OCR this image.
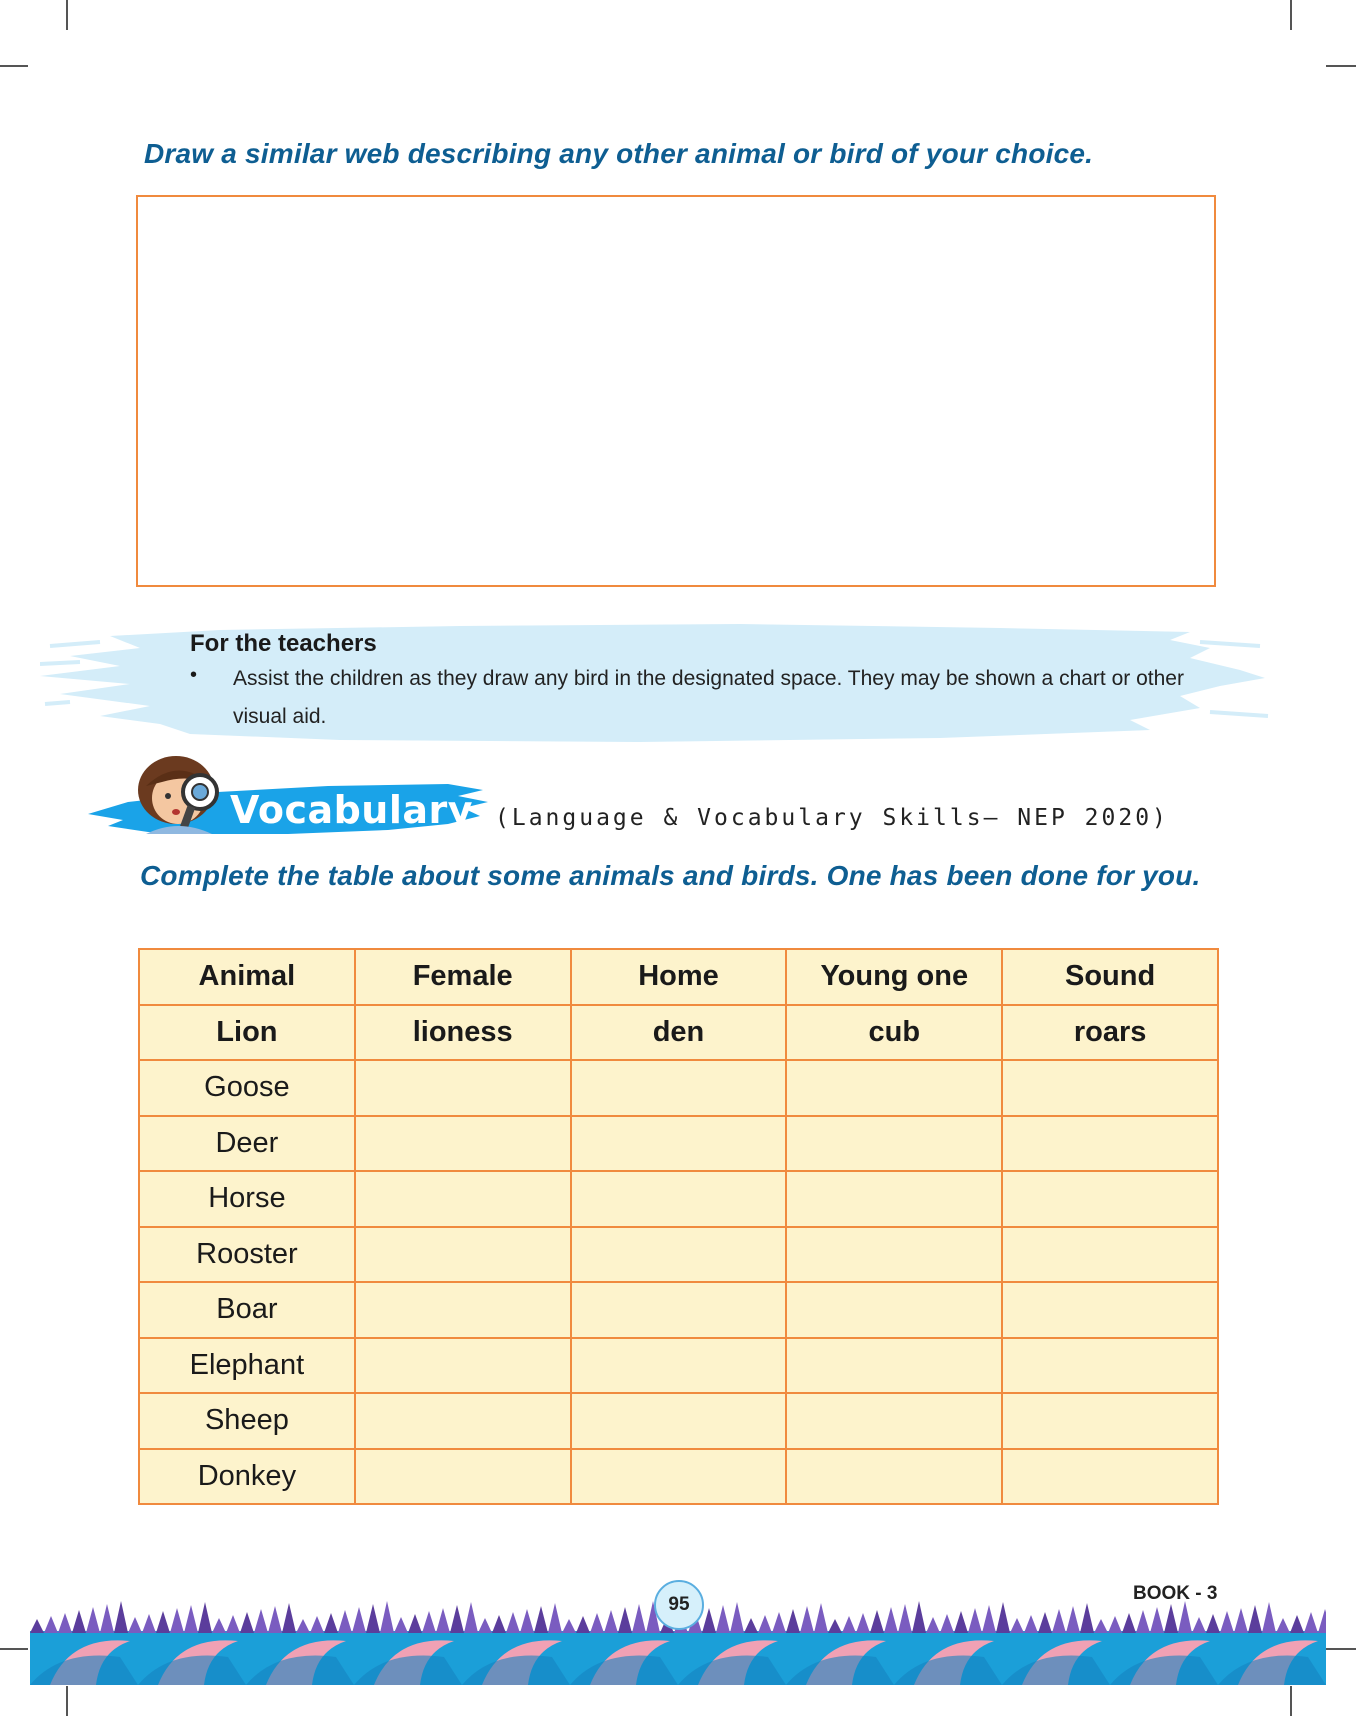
Draw a similar web describing any other animal or bird of your choice.
For the teachers
• Assist the children as they draw any bird in the designated space. They may be shown a chart or other visual aid.
Vocabulary (Language & Vocabulary Skills— NEP 2020)
Complete the table about some animals and birds. One has been done for you.
Animal	Female	Home	Young one	Sound
Lion	lioness	den	cub	roars
Goose				
Deer				
Horse				
Rooster				
Boar				
Elephant				
Sheep				
Donkey				
95
BOOK - 3
